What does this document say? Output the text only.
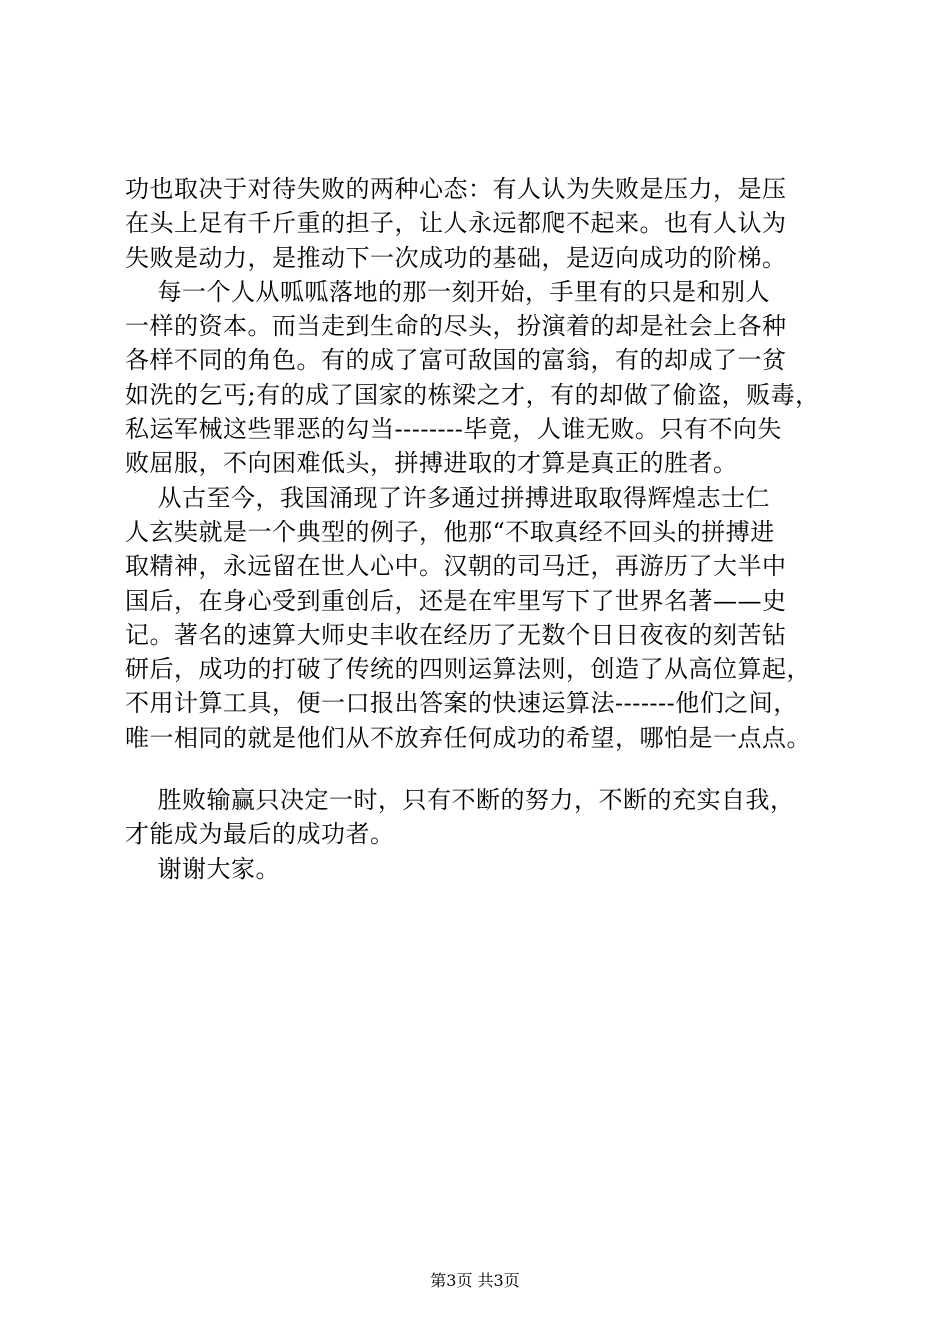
功也取决于对待失败的两种心态：有人认为失败是压力，是压
在头上足有千斤重的担子，让人永远都爬不起来。也有人认为
失败是动力，是推动下一次成功的基础，是迈向成功的阶梯。
每一个人从呱呱落地的那一刻开始，手里有的只是和别人
一样的资本。而当走到生命的尽头，扮演着的却是社会上各种
各样不同的角色。有的成了富可敌国的富翁，有的却成了一贫
如洗的乞丐;有的成了国家的栋梁之才，有的却做了偷盗，贩毒，
私运军械这些罪恶的勾当--------毕竟，人谁无败。只有不向失
败屈服，不向困难低头，拼搏进取的才算是真正的胜者。
从古至今，我国涌现了许多通过拼搏进取取得辉煌志士仁
人玄奘就是一个典型的例子，他那“不取真经不回头的拼搏进
取精神，永远留在世人心中。汉朝的司马迁，再游历了大半中
国后，在身心受到重创后，还是在牢里写下了世界名著——史
记。著名的速算大师史丰收在经历了无数个日日夜夜的刻苦钻
研后，成功的打破了传统的四则运算法则，创造了从高位算起，
不用计算工具，便一口报出答案的快速运算法-------他们之间，
唯一相同的就是他们从不放弃任何成功的希望，哪怕是一点点。
胜败输赢只决定一时，只有不断的努力，不断的充实自我，
才能成为最后的成功者。
谢谢大家。
第3页 共3页
